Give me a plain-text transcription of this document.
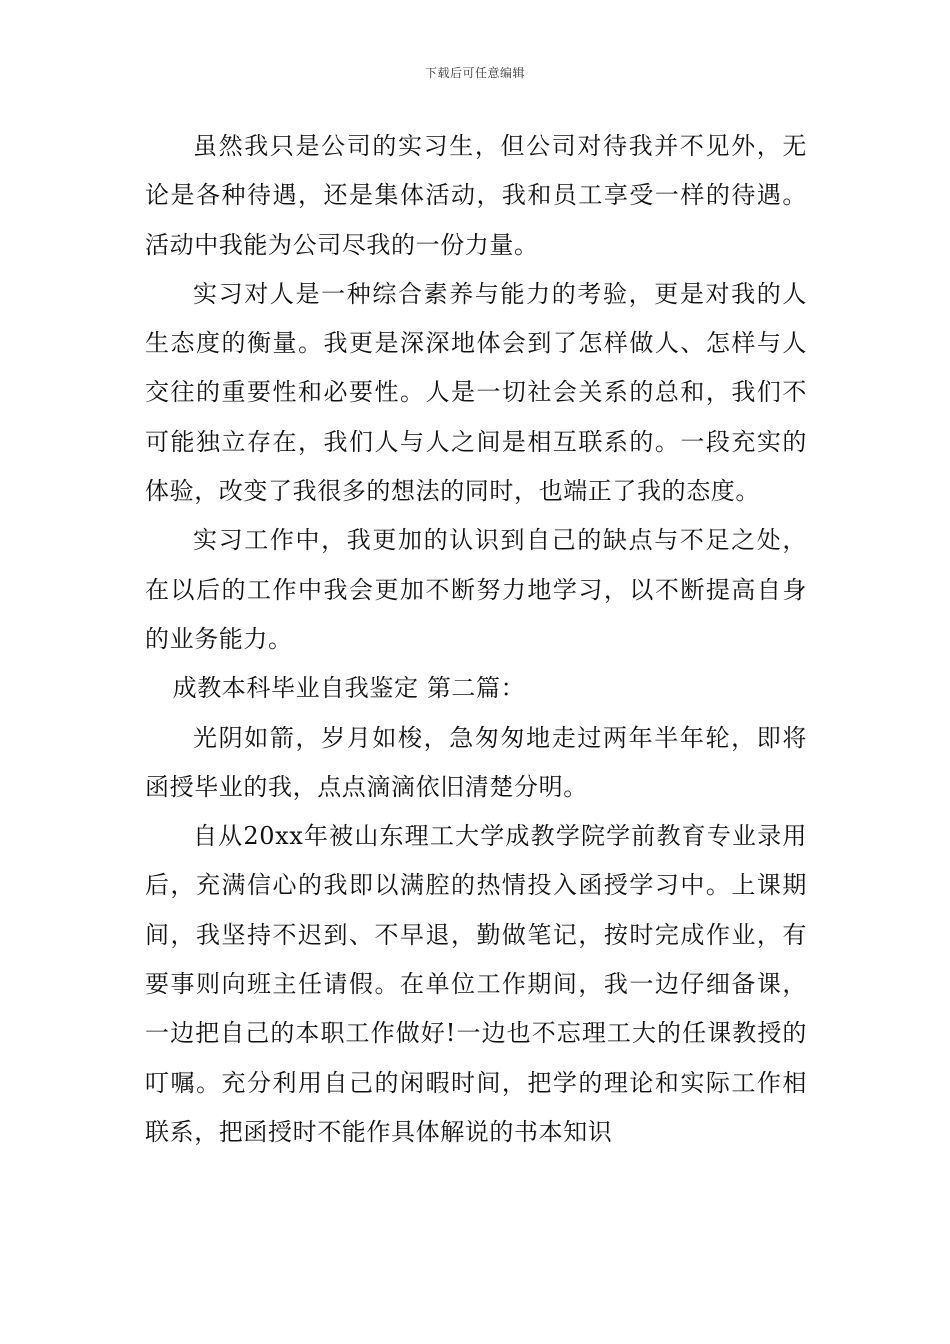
下载后可任意编辑

虽然我只是公司的实习生，但公司对待我并不见外，无论是各种待遇，还是集体活动，我和员工享受一样的待遇。活动中我能为公司尽我的一份力量。

实习对人是一种综合素养与能力的考验，更是对我的人生态度的衡量。我更是深深地体会到了怎样做人、怎样与人交往的重要性和必要性。人是一切社会关系的总和，我们不可能独立存在，我们人与人之间是相互联系的。一段充实的体验，改变了我很多的想法的同时，也端正了我的态度。

实习工作中，我更加的认识到自己的缺点与不足之处，在以后的工作中我会更加不断努力地学习，以不断提高自身的业务能力。

成教本科毕业自我鉴定 第二篇：

光阴如箭，岁月如梭，急匆匆地走过两年半年轮，即将函授毕业的我，点点滴滴依旧清楚分明。

自从20xx年被山东理工大学成教学院学前教育专业录用后，充满信心的我即以满腔的热情投入函授学习中。上课期间，我坚持不迟到、不早退，勤做笔记，按时完成作业，有要事则向班主任请假。在单位工作期间，我一边仔细备课，一边把自己的本职工作做好!一边也不忘理工大的任课教授的叮嘱。充分利用自己的闲暇时间，把学的理论和实际工作相联系，把函授时不能作具体解说的书本知识
